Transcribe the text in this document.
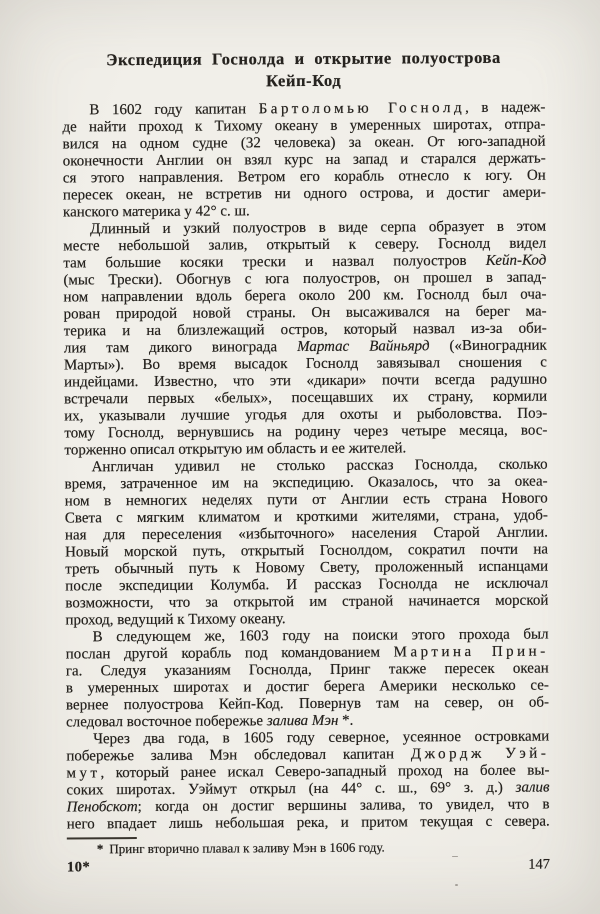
Экспедиция Госнолда и открытие полуострова
Кейп-Код
В 1602 году капитан Бартоломью Госнолд, в надеж-
де найти проход к Тихому океану в умеренных широтах, отпра-
вился на одном судне (32 человека) за океан. От юго-западной
оконечности Англии он взял курс на запад и старался держать-
ся этого направления. Ветром его корабль отнесло к югу. Он
пересек океан, не встретив ни одного острова, и достиг амери-
канского материка у 42° с. ш.
Длинный и узкий полуостров в виде серпа образует в этом
месте небольшой залив, открытый к северу. Госнолд видел
там большие косяки трески и назвал полуостров Кейп-Код
(мыс Трески). Обогнув с юга полуостров, он прошел в запад-
ном направлении вдоль берега около 200 км. Госнолд был оча-
рован природой новой страны. Он высаживался на берег ма-
терика и на близлежащий остров, который назвал из-за оби-
лия там дикого винограда Мартас Вайньярд («Виноградник
Марты»). Во время высадок Госнолд завязывал сношения с
индейцами. Известно, что эти «дикари» почти всегда радушно
встречали первых «белых», посещавших их страну, кормили
их, указывали лучшие угодья для охоты и рыболовства. Поэ-
тому Госнолд, вернувшись на родину через четыре месяца, вос-
торженно описал открытую им область и ее жителей.
Англичан удивил не столько рассказ Госнолда, сколько
время, затраченное им на экспедицию. Оказалось, что за океа-
ном в немногих неделях пути от Англии есть страна Нового
Света с мягким климатом и кроткими жителями, страна, удоб-
ная для переселения «избыточного» населения Старой Англии.
Новый морской путь, открытый Госнолдом, сократил почти на
треть обычный путь к Новому Свету, проложенный испанцами
после экспедиции Колумба. И рассказ Госнолда не исключал
возможности, что за открытой им страной начинается морской
проход, ведущий к Тихому океану.
В следующем же, 1603 году на поиски этого прохода был
послан другой корабль под командованием Мартина Прин-
га. Следуя указаниям Госнолда, Принг также пересек океан
в умеренных широтах и достиг берега Америки несколько се-
вернее полуострова Кейп-Код. Повернув там на север, он об-
следовал восточное побережье залива Мэн *.
Через два года, в 1605 году северное, усеянное островками
побережье залива Мэн обследовал капитан Джордж Уэй-
мут, который ранее искал Северо-западный проход на более вы-
соких широтах. Уэймут открыл (на 44° с. ш., 69° з. д.) залив
Пенобскот; когда он достиг вершины залива, то увидел, что в
него впадает лишь небольшая река, и притом текущая с севера.
* Принг вторично плавал к заливу Мэн в 1606 году.
10*	147
